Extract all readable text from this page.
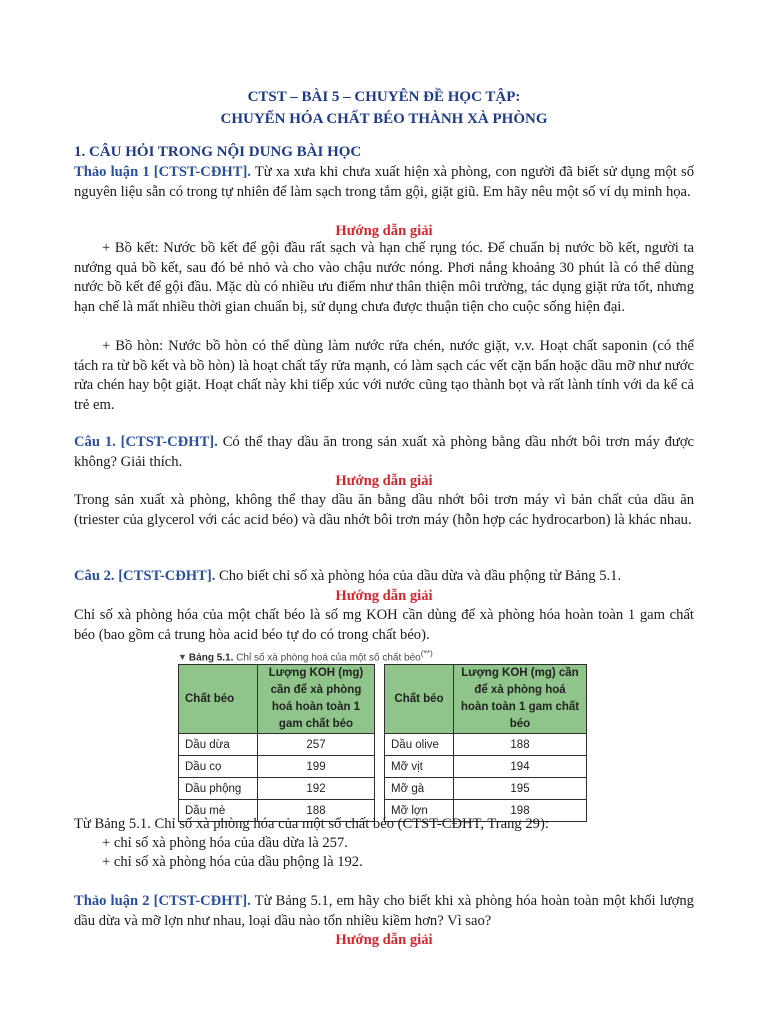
CTST – BÀI 5 – CHUYÊN ĐỀ HỌC TẬP:
CHUYỂN HÓA CHẤT BÉO THÀNH XÀ PHÒNG
1. CÂU HỎI TRONG NỘI DUNG BÀI HỌC
Thảo luận 1 [CTST-CĐHT]. Từ xa xưa khi chưa xuất hiện xà phòng, con người đã biết sử dụng một số nguyên liệu sẵn có trong tự nhiên để làm sạch trong tắm gội, giặt giũ. Em hãy nêu một số ví dụ minh họa.
Hướng dẫn giải
+ Bồ kết: Nước bồ kết để gội đầu rất sạch và hạn chế rụng tóc. Để chuẩn bị nước bồ kết, người ta nướng quả bồ kết, sau đó bẻ nhỏ và cho vào chậu nước nóng. Phơi nắng khoảng 30 phút là có thể dùng nước bồ kết để gội đầu. Mặc dù có nhiều ưu điểm như thân thiện môi trường, tác dụng giặt rửa tốt, nhưng hạn chế là mất nhiều thời gian chuẩn bị, sử dụng chưa được thuận tiện cho cuộc sống hiện đại.
+ Bồ hòn: Nước bồ hòn có thể dùng làm nước rửa chén, nước giặt, v.v. Hoạt chất saponin (có thể tách ra từ bồ kết và bồ hòn) là hoạt chất tẩy rửa mạnh, có làm sạch các vết cặn bẩn hoặc dầu mỡ như nước rửa chén hay bột giặt. Hoạt chất này khi tiếp xúc với nước cũng tạo thành bọt và rất lành tính với da kể cả trẻ em.
Câu 1. [CTST-CĐHT]. Có thể thay dầu ăn trong sản xuất xà phòng bằng dầu nhớt bôi trơn máy được không? Giải thích.
Hướng dẫn giải
Trong sản xuất xà phòng, không thể thay dầu ăn bằng dầu nhớt bôi trơn máy vì bản chất của dầu ăn (triester của glycerol với các acid béo) và dầu nhớt bôi trơn máy (hỗn hợp các hydrocarbon) là khác nhau.
Câu 2. [CTST-CĐHT]. Cho biết chỉ số xà phòng hóa của dầu dừa và dầu phộng từ Bảng 5.1.
Hướng dẫn giải
Chỉ số xà phòng hóa của một chất béo là số mg KOH cần dùng để xà phòng hóa hoàn toàn 1 gam chất béo (bao gồm cả trung hòa acid béo tự do có trong chất béo).
▼ Bảng 5.1. Chỉ số xà phòng hoá của một số chất béo(**)
Chất béo	Lượng KOH (mg) cần để xà phòng hoá hoàn toàn 1 gam chất béo
Dầu dừa	257
Dầu cọ	199
Dầu phộng	192
Dầu mè	188
Chất béo	Lượng KOH (mg) cần để xà phòng hoá hoàn toàn 1 gam chất béo
Dầu olive	188
Mỡ vịt	194
Mỡ gà	195
Mỡ lợn	198
Từ Bảng 5.1. Chỉ số xà phòng hóa của một số chất béo (CTST-CĐHT, Trang 29):
+ chỉ số xà phòng hóa của dầu dừa là 257.
+ chỉ số xà phòng hóa của dầu phộng là 192.
Thảo luận 2 [CTST-CĐHT]. Từ Bảng 5.1, em hãy cho biết khi xà phòng hóa hoàn toàn một khối lượng dầu dừa và mỡ lợn như nhau, loại dầu nào tốn nhiều kiềm hơn? Vì sao?
Hướng dẫn giải
